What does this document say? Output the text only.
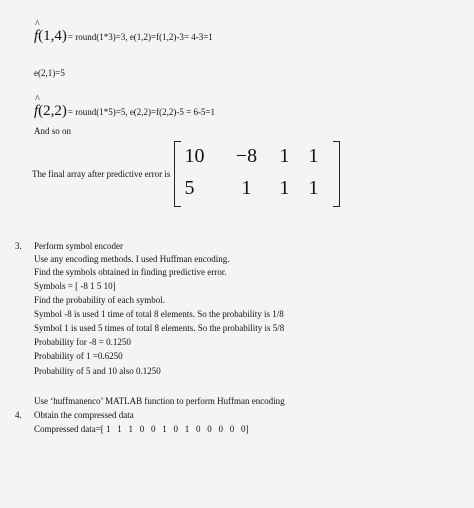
^
f (1,4) = round(1*3)=3, e(1,2)=f(1,2)-3= 4-3=1
e(2,1)=5
^
f (2,2) = round(1*5)=5, e(2,2)=f(2,2)-5 = 6-5=1
And so on
The final array after predictive error is
10	−8	1 1
5	1	1 1
3. Perform symbol encoder
Use any encoding methods. I used Huffman encoding.
Find the symbols obtained in finding predictive error.
Symbols = [ -8 1 5 10]
Find the probability of each symbol.
Symbol -8 is used 1 time of total 8 elements. So the probability is 1/8
Symbol 1 is used 5 times of total 8 elements. So the probability is 5/8
Probability for -8 = 0.1250
Probability of 1 =0.6250
Probability of 5 and 10 also 0.1250
Use ‘huffmanenco’ MATLAB function to perform Huffman encoding
4. Obtain the compressed data
Compressed data=[ 1   1   1   0   0   1   0   1   0   0   0   0   0]
